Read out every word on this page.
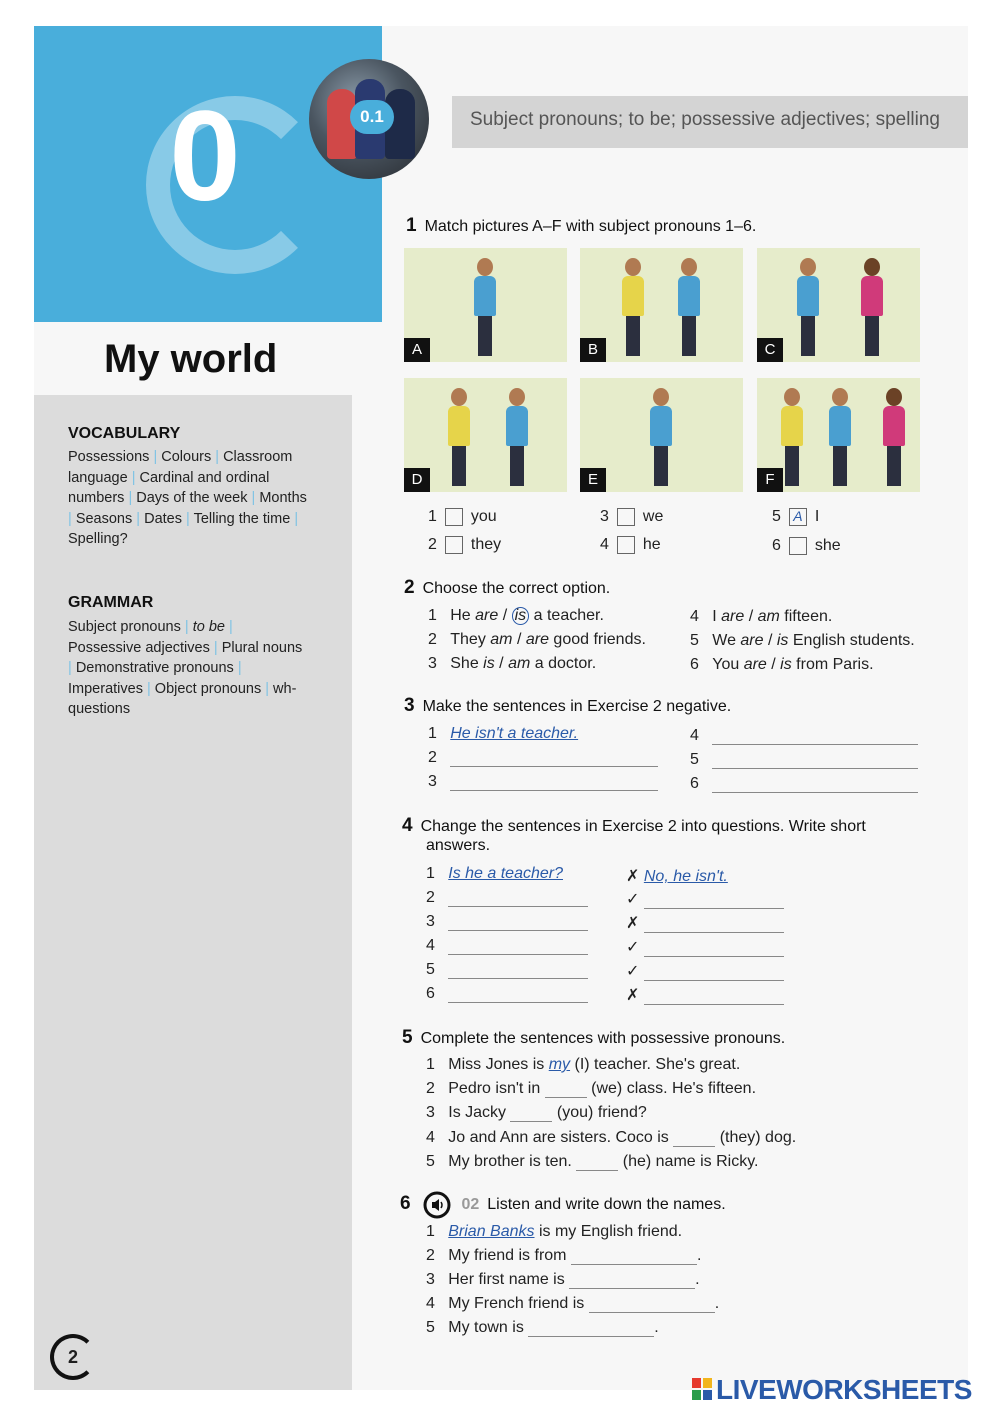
0	0.1	Subject pronouns; to be; possessive adjectives; spelling
My world
VOCABULARY

Possessions | Colours | Classroom language | Cardinal and ordinal numbers | Days of the week | Months | Seasons | Dates | Telling the time | Spelling?

GRAMMAR

Subject pronouns | to be | Possessive adjectives | Plural nouns | Demonstrative pronouns | Imperatives | Object pronouns | wh- questions

2
1 Match pictures A–F with subject pronouns 1–6.
A	B	C
D	E	F
1 you
2 they
3 we
4 he
5 A I
6 she
2 Choose the correct option.
1 He are / is a teacher.
2 They am / are good friends.
3 She is / am a doctor.
4 I are / am fifteen.
5 We are / is English students.
6 You are / is from Paris.
3 Make the sentences in Exercise 2 negative.
1 He isn't a teacher.
2
3
4
5
6
4 Change the sentences in Exercise 2 into questions. Write short
answers.
1 Is he a teacher?	✗ No, he isn't.
2	✓
3	✗
4	✓
5	✓
6	✗
5 Complete the sentences with possessive pronouns.
1 Miss Jones is my (I) teacher. She's great.
2 Pedro isn't in	(we) class. He's fifteen.
3 Is Jacky	(you) friend?
4 Jo and Ann are sisters. Coco is	(they) dog.
5 My brother is ten.	(he) name is Ricky.
6	02 Listen and write down the names.
1 Brian Banks is my English friend.
2 My friend is from	.
3 Her first name is	.
4 My French friend is	.
5 My town is	.
LIVEWORKSHEETS
